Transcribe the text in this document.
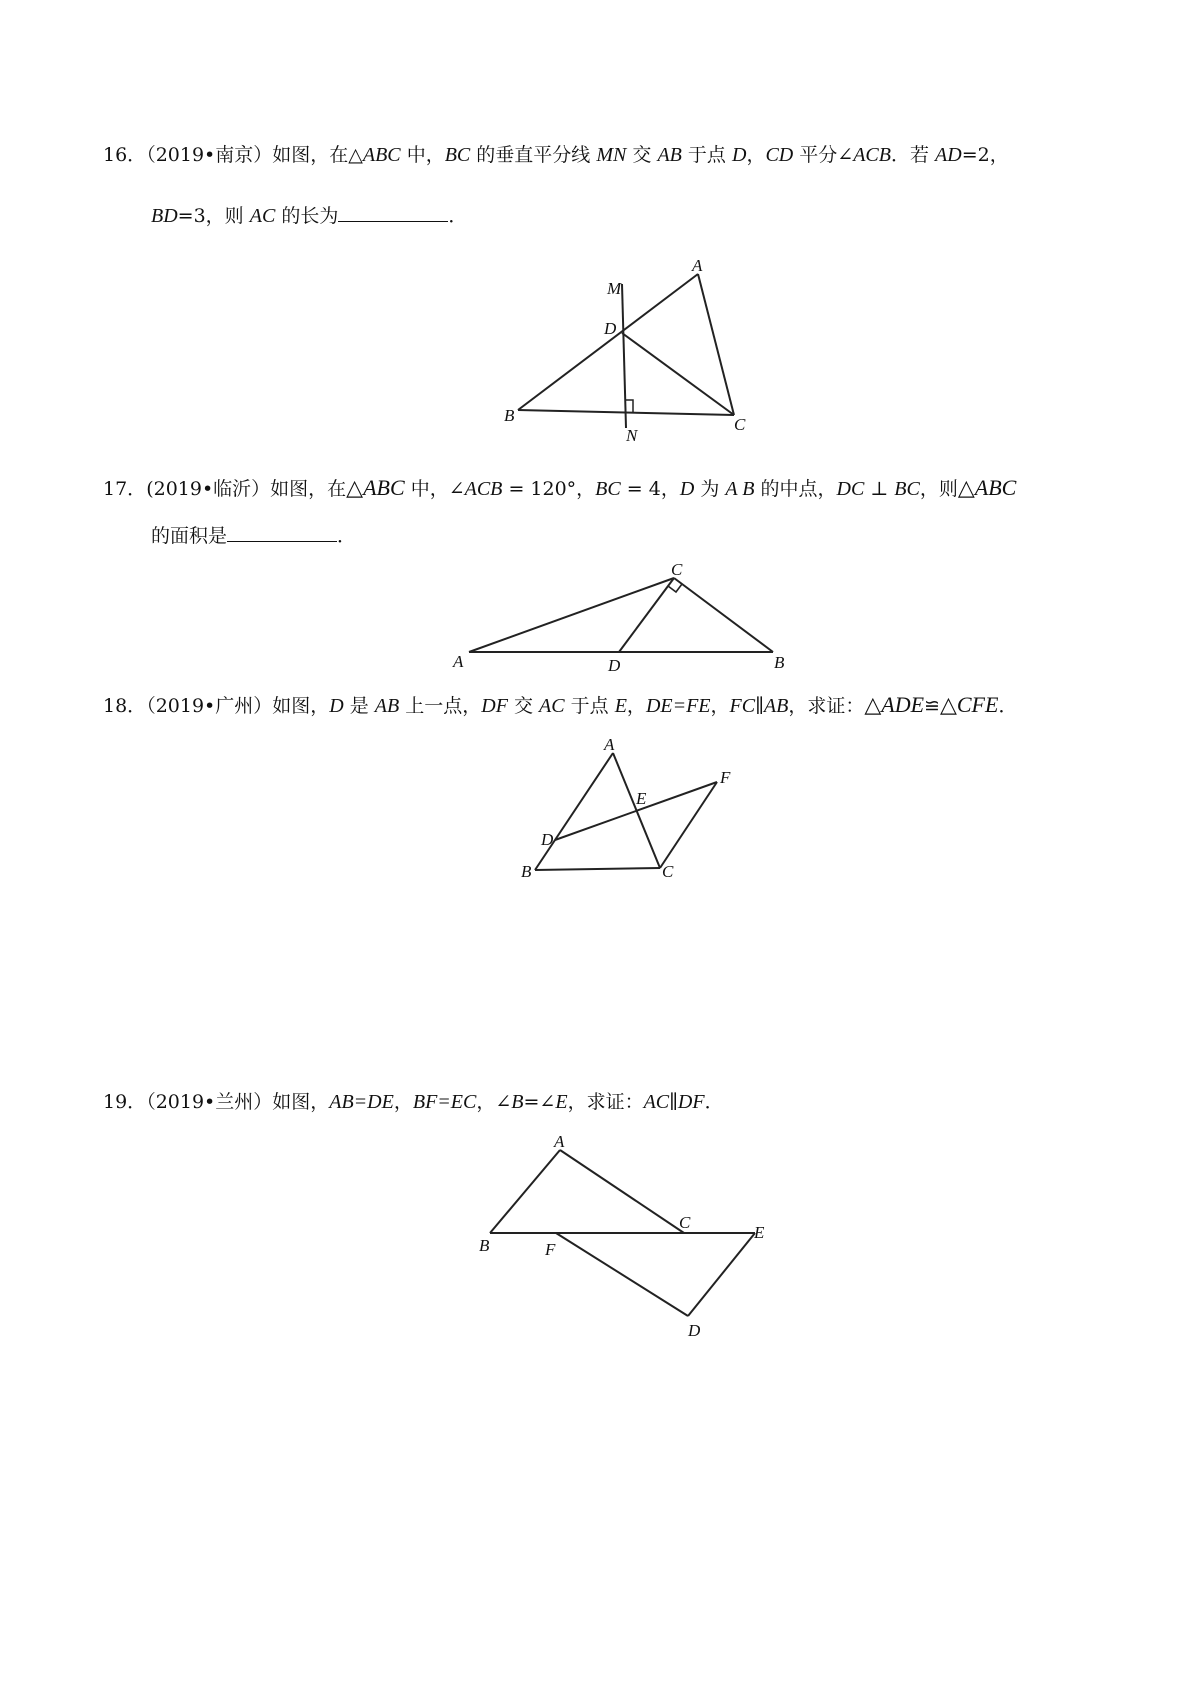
16．（2019•南京）如图，在△ABC 中，BC 的垂直平分线 MN 交 AB 于点 D，CD 平分∠ACB．若 AD=2，
BD=3，则 AC 的长为	．
M
A
D
B	C
N
17．(2019•临沂）如图，在△ABC 中，∠ACB = 120°，BC = 4，D 为 A B 的中点，DC ⊥ BC，则△ABC
的面积是	．
C
A	D	B
18．（2019•广州）如图，D 是 AB 上一点，DF 交 AC 于点 E，DE=FE，FC∥AB，求证：△ADE≌△CFE．
A
F
E
D
B	C
19．（2019•兰州）如图，AB=DE，BF=EC，∠B=∠E，求证：AC∥DF．
A
C
E
B	F
D
